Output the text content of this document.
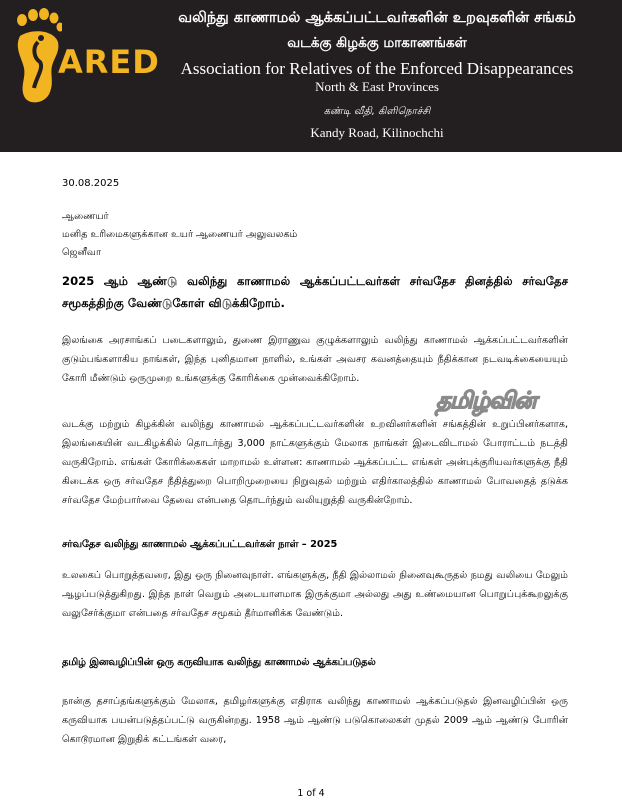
ARED
வலிந்து காணாமல் ஆக்கப்பட்டவர்களின் உறவுகளின் சங்கம்
வடக்கு கிழக்கு மாகாணங்கள்
Association for Relatives of the Enforced Disappearances
North & East Provinces
கண்டி வீதி, கிளிநொச்சி
Kandy Road, Kilinochchi
30.08.2025
ஆணையர்
மனித உரிமைகளுக்கான உயர் ஆணையர் அலுவலகம்
ஜெனீவா
2025 ஆம் ஆண்டு வலிந்து காணாமல் ஆக்கப்பட்டவர்கள் சர்வதேச தினத்தில் சர்வதேச சமூகத்திற்கு வேண்டுகோள் விடுக்கிறோம்.
இலங்கை அரசாங்கப் படைகளாலும், துணை இராணுவ குழுக்களாலும் வலிந்து காணாமல் ஆக்கப்பட்டவர்களின் குடும்பங்களாகிய நாங்கள், இந்த புனிதமான நாளில், உங்கள் அவசர கவனத்தையும் நீதிக்கான நடவடிக்கையையும் கோரி மீண்டும் ஒருமுறை உங்களுக்கு கோரிக்கை முன்வைக்கிறோம்.
தமிழ்வின்
வடக்கு மற்றும் கிழக்கின் வலிந்து காணாமல் ஆக்கப்பட்டவர்களின் உறவினர்களின் சங்கத்தின் உறுப்பினர்களாக, இலங்கையின் வடகிழக்கில் தொடர்ந்து 3,000 நாட்களுக்கும் மேலாக நாங்கள் இடைவிடாமல் போராட்டம் நடத்தி வருகிறோம். எங்கள் கோரிக்கைகள் மாறாமல் உள்ளன: காணாமல் ஆக்கப்பட்ட எங்கள் அன்புக்குரியவர்களுக்கு நீதி கிடைக்க ஒரு சர்வதேச நீதித்துறை பொறிமுறையை நிறுவுதல் மற்றும் எதிர்காலத்தில் காணாமல் போவதைத் தடுக்க சர்வதேச மேற்பார்வை தேவை என்பதை தொடர்ந்தும் வலியுறுத்தி வருகின்றோம்.
சர்வதேச வலிந்து காணாமல் ஆக்கப்பட்டவர்கள் நாள் – 2025
உலகைப் பொறுத்தவரை, இது ஒரு நினைவுநாள். எங்களுக்கு, நீதி இல்லாமல் நினைவுகூருதல் நமது வலியை மேலும் ஆழப்படுத்துகிறது. இந்த நாள் வெறும் அடையாளமாக இருக்குமா அல்லது அது உண்மையான பொறுப்புக்கூறலுக்கு வலுசேர்க்குமா என்பதை சர்வதேச சமூகம் தீர்மானிக்க வேண்டும்.
தமிழ் இனவழிப்பின் ஒரு கருவியாக வலிந்து காணாமல் ஆக்கப்படுதல்
நான்கு தசாப்தங்களுக்கும் மேலாக, தமிழர்களுக்கு எதிராக வலிந்து காணாமல் ஆக்கப்படுதல் இனவழிப்பின் ஒரு கருவியாக பயன்படுத்தப்பட்டு வருகின்றது. 1958 ஆம் ஆண்டு படுகொலைகள் முதல் 2009 ஆம் ஆண்டு போரின் கொடூரமான இறுதிக் கட்டங்கள் வரை,
1 of 4
